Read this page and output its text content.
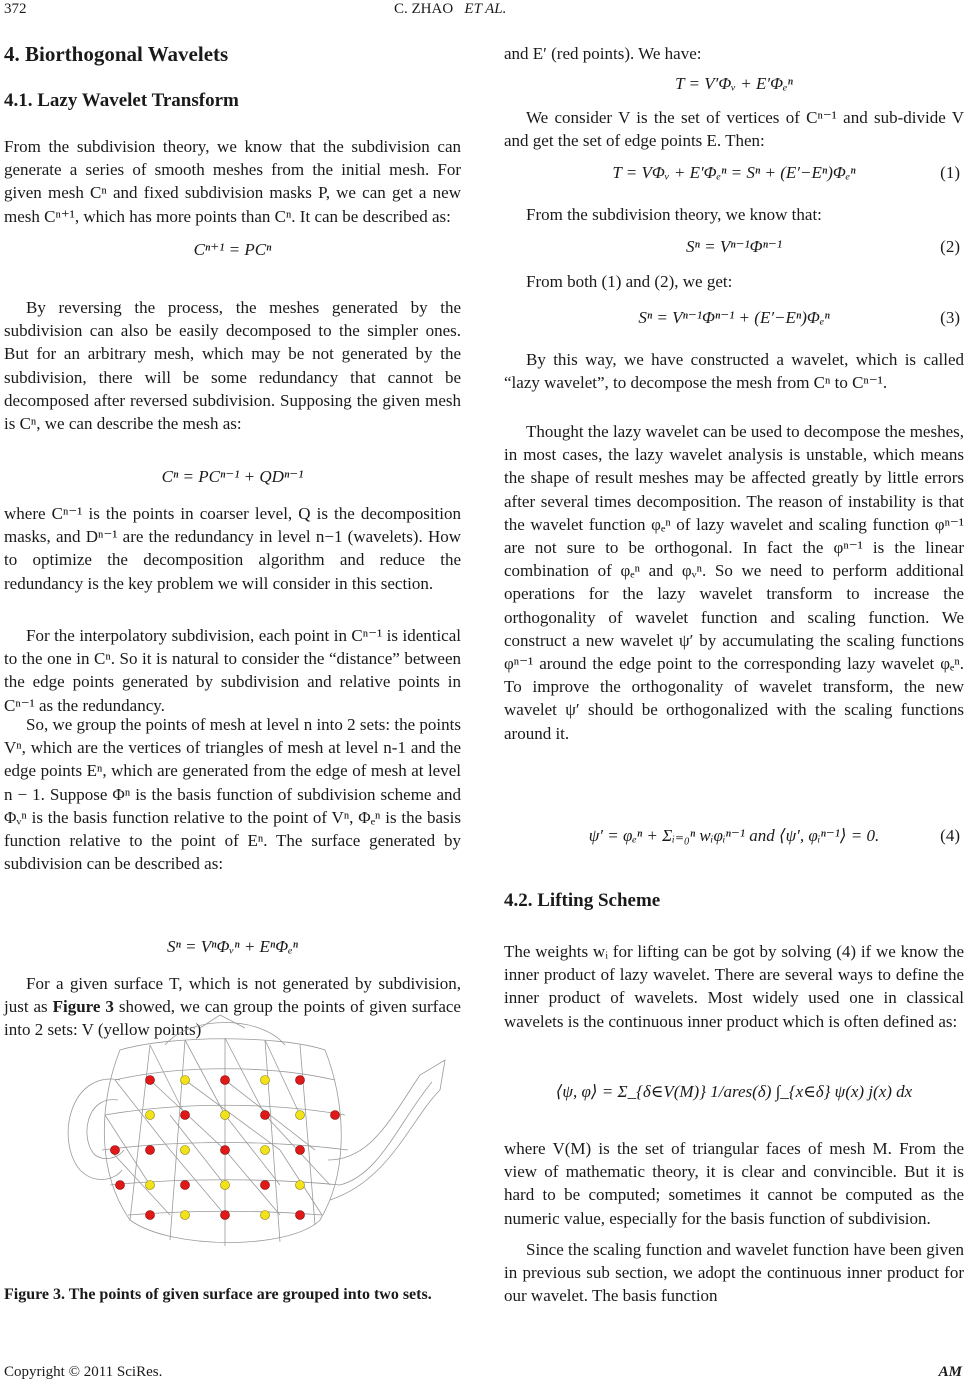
372	C. ZHAO ET AL.
4. Biorthogonal Wavelets
4.1. Lazy Wavelet Transform
From the subdivision theory, we know that the subdivision can generate a series of smooth meshes from the initial mesh. For given mesh Cⁿ and fixed subdivision masks P, we can get a new mesh Cⁿ⁺¹, which has more points than Cⁿ. It can be described as:
Cⁿ⁺¹ = PCⁿ
By reversing the process, the meshes generated by the subdivision can also be easily decomposed to the simpler ones. But for an arbitrary mesh, which may be not generated by the subdivision, there will be some redundancy that cannot be decomposed after reversed subdivision. Supposing the given mesh is Cⁿ, we can describe the mesh as:
Cⁿ = PCⁿ⁻¹ + QDⁿ⁻¹
where Cⁿ⁻¹ is the points in coarser level, Q is the decomposition masks, and Dⁿ⁻¹ are the redundancy in level n−1 (wavelets). How to optimize the decomposition algorithm and reduce the redundancy is the key problem we will consider in this section.
For the interpolatory subdivision, each point in Cⁿ⁻¹ is identical to the one in Cⁿ. So it is natural to consider the “distance” between the edge points generated by subdivision and relative points in Cⁿ⁻¹ as the redundancy.
So, we group the points of mesh at level n into 2 sets: the points Vⁿ, which are the vertices of triangles of mesh at level n-1 and the edge points Eⁿ, which are generated from the edge of mesh at level n − 1. Suppose Φⁿ is the basis function of subdivision scheme and Φᵥⁿ is the basis function relative to the point of Vⁿ, Φₑⁿ is the basis function relative to the point of Eⁿ. The surface generated by subdivision can be described as:
Sⁿ = VⁿΦᵥⁿ + EⁿΦₑⁿ
For a given surface T, which is not generated by subdivision, just as Figure 3 showed, we can group the points of given surface into 2 sets: V (yellow points)
Figure 3. The points of given surface are grouped into two sets.
and E′ (red points). We have:
T = V′Φᵥ + E′Φₑⁿ
We consider V is the set of vertices of Cⁿ⁻¹ and sub-divide V and get the set of edge points E. Then:
T = VΦᵥ + E′Φₑⁿ = Sⁿ + (E′−Eⁿ)Φₑⁿ	(1)
From the subdivision theory, we know that:
Sⁿ = Vⁿ⁻¹Φⁿ⁻¹	(2)
From both (1) and (2), we get:
Sⁿ = Vⁿ⁻¹Φⁿ⁻¹ + (E′−Eⁿ)Φₑⁿ	(3)
By this way, we have constructed a wavelet, which is called “lazy wavelet”, to decompose the mesh from Cⁿ to Cⁿ⁻¹.
Thought the lazy wavelet can be used to decompose the meshes, in most cases, the lazy wavelet analysis is unstable, which means the shape of result meshes may be affected greatly by little errors after several times decomposition. The reason of instability is that the wavelet function φₑⁿ of lazy wavelet and scaling function φⁿ⁻¹ are not sure to be orthogonal. In fact the φⁿ⁻¹ is the linear combination of φₑⁿ and φᵥⁿ. So we need to perform additional operations for the lazy wavelet transform to increase the orthogonality of wavelet function and scaling function. We construct a new wavelet ψ′ by accumulating the scaling functions φⁿ⁻¹ around the edge point to the corresponding lazy wavelet φₑⁿ. To improve the orthogonality of wavelet transform, the new wavelet ψ′ should be orthogonalized with the scaling functions around it.
ψ′ = φₑⁿ + Σᵢ₌₀ⁿ wᵢφᵢⁿ⁻¹ and ⟨ψ′, φᵢⁿ⁻¹⟩ = 0.	(4)
4.2. Lifting Scheme
The weights wᵢ for lifting can be got by solving (4) if we know the inner product of lazy wavelet. There are several ways to define the inner product of wavelets. Most widely used one in classical wavelets is the continuous inner product which is often defined as:
⟨ψ, φ⟩ = Σ_{δ∈V(M)} 1/ares(δ) ∫_{x∈δ} ψ(x) j(x) dx
where V(M) is the set of triangular faces of mesh M. From the view of mathematic theory, it is clear and convincible. But it is hard to be computed; sometimes it cannot be computed as the numeric value, especially for the basis function of subdivision.
Since the scaling function and wavelet function have been given in previous sub section, we adopt the continuous inner product for our wavelet. The basis function
Copyright © 2011 SciRes.	AM
